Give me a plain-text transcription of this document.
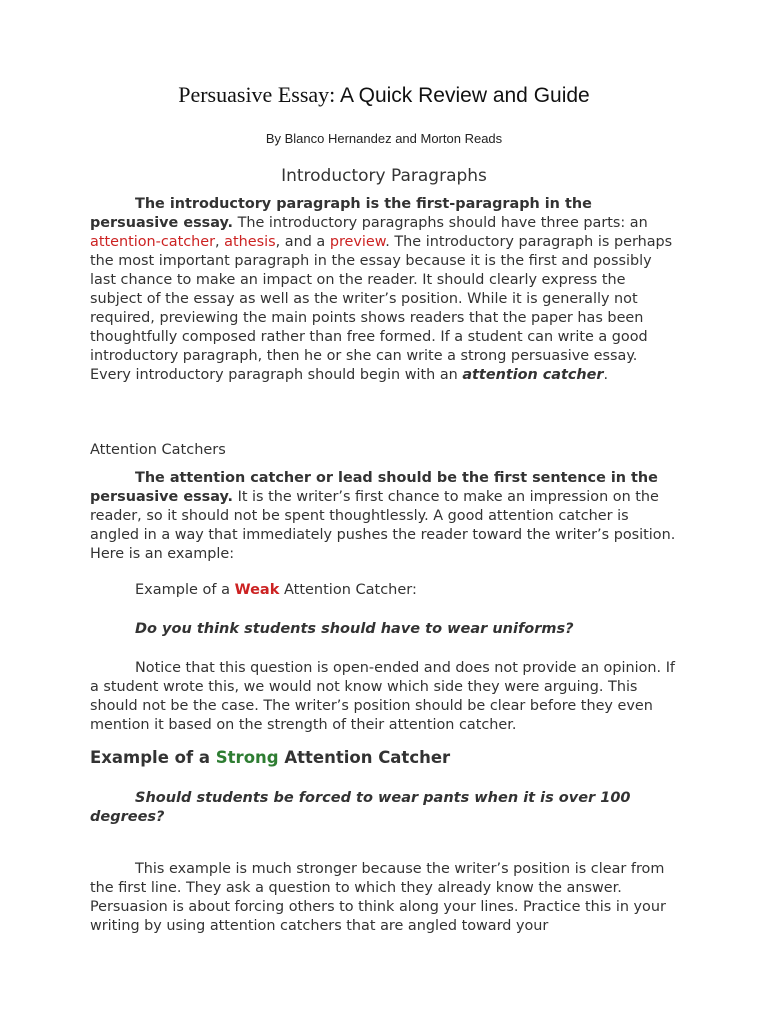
Persuasive Essay: A Quick Review and Guide
By Blanco Hernandez and Morton Reads
Introductory Paragraphs

The introductory paragraph is the first-paragraph in the persuasive essay. The introductory paragraphs should have three parts: an attention-catcher, athesis, and a preview. The introductory paragraph is perhaps the most important paragraph in the essay because it is the first and possibly last chance to make an impact on the reader. It should clearly express the subject of the essay as well as the writer’s position. While it is generally not required, previewing the main points shows readers that the paper has been thoughtfully composed rather than free formed. If a student can write a good introductory paragraph, then he or she can write a strong persuasive essay. Every introductory paragraph should begin with an attention catcher.

Attention Catchers

The attention catcher or lead should be the first sentence in the persuasive essay. It is the writer’s first chance to make an impression on the reader, so it should not be spent thoughtlessly. A good attention catcher is angled in a way that immediately pushes the reader toward the writer’s position. Here is an example:

Example of a Weak Attention Catcher:
Do you think students should have to wear uniforms?

Notice that this question is open-ended and does not provide an opinion. If a student wrote this, we would not know which side they were arguing. This should not be the case. The writer’s position should be clear before they even mention it based on the strength of their attention catcher.

Example of a Strong Attention Catcher
Should students be forced to wear pants when it is over 100 degrees?

This example is much stronger because the writer’s position is clear from the first line. They ask a question to which they already know the answer. Persuasion is about forcing others to think along your lines. Practice this in your writing by using attention catchers that are angled toward your
